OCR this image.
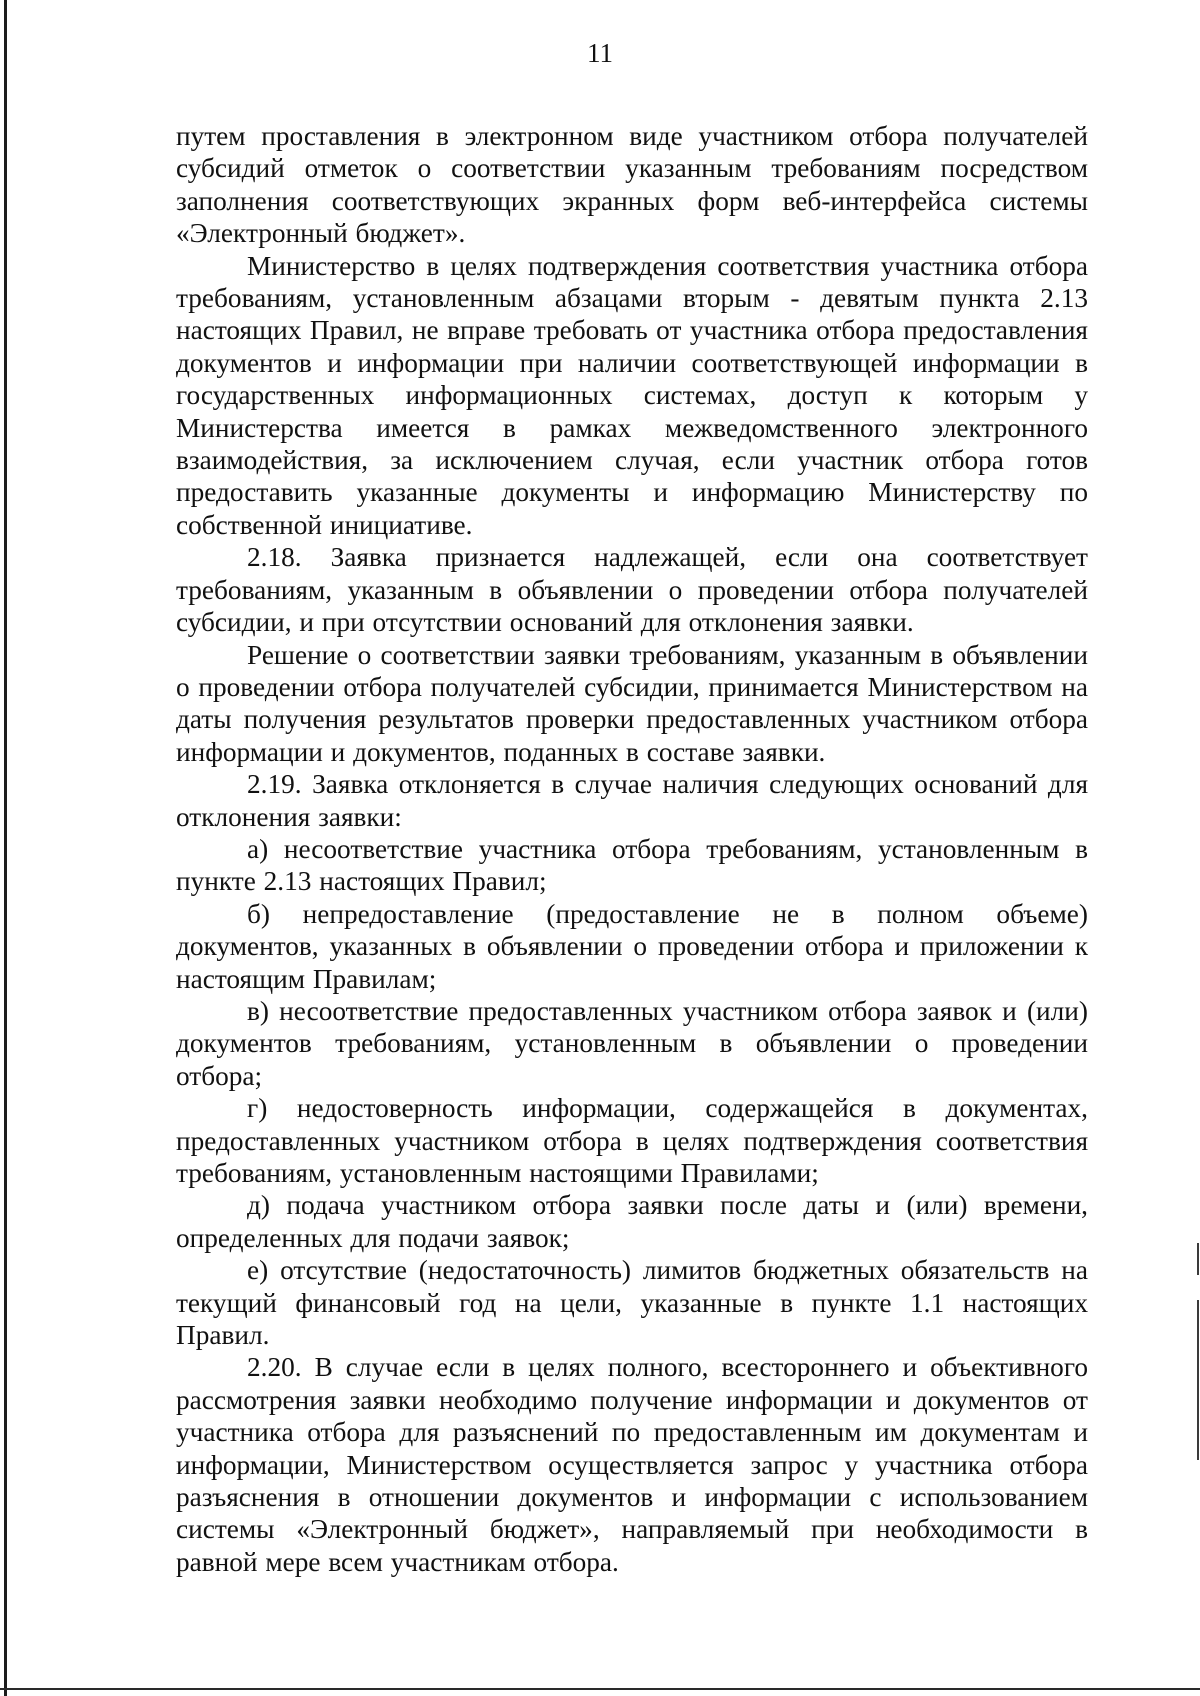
11

путем проставления в электронном виде участником отбора получателей субсидий отметок о соответствии указанным требованиям посредством заполнения соответствующих экранных форм веб-интерфейса системы «Электронный бюджет».

Министерство в целях подтверждения соответствия участника отбора требованиям, установленным абзацами вторым - девятым пункта 2.13 настоящих Правил, не вправе требовать от участника отбора предоставления документов и информации при наличии соответствующей информации в государственных информационных системах, доступ к которым у Министерства имеется в рамках межведомственного электронного взаимодействия, за исключением случая, если участник отбора готов предоставить указанные документы и информацию Министерству по собственной инициативе.

2.18. Заявка признается надлежащей, если она соответствует требованиям, указанным в объявлении о проведении отбора получателей субсидии, и при отсутствии оснований для отклонения заявки.

Решение о соответствии заявки требованиям, указанным в объявлении о проведении отбора получателей субсидии, принимается Министерством на даты получения результатов проверки предоставленных участником отбора информации и документов, поданных в составе заявки.

2.19. Заявка отклоняется в случае наличия следующих оснований для отклонения заявки:

а) несоответствие участника отбора требованиям, установленным в пункте 2.13 настоящих Правил;

б) непредоставление (предоставление не в полном объеме) документов, указанных в объявлении о проведении отбора и приложении к настоящим Правилам;

в) несоответствие предоставленных участником отбора заявок и (или) документов требованиям, установленным в объявлении о проведении отбора;

г) недостоверность информации, содержащейся в документах, предоставленных участником отбора в целях подтверждения соответствия требованиям, установленным настоящими Правилами;

д) подача участником отбора заявки после даты и (или) времени, определенных для подачи заявок;

е) отсутствие (недостаточность) лимитов бюджетных обязательств на текущий финансовый год на цели, указанные в пункте 1.1 настоящих Правил.

2.20. В случае если в целях полного, всестороннего и объективного рассмотрения заявки необходимо получение информации и документов от участника отбора для разъяснений по предоставленным им документам и информации, Министерством осуществляется запрос у участника отбора разъяснения в отношении документов и информации с использованием системы «Электронный бюджет», направляемый при необходимости в равной мере всем участникам отбора.
